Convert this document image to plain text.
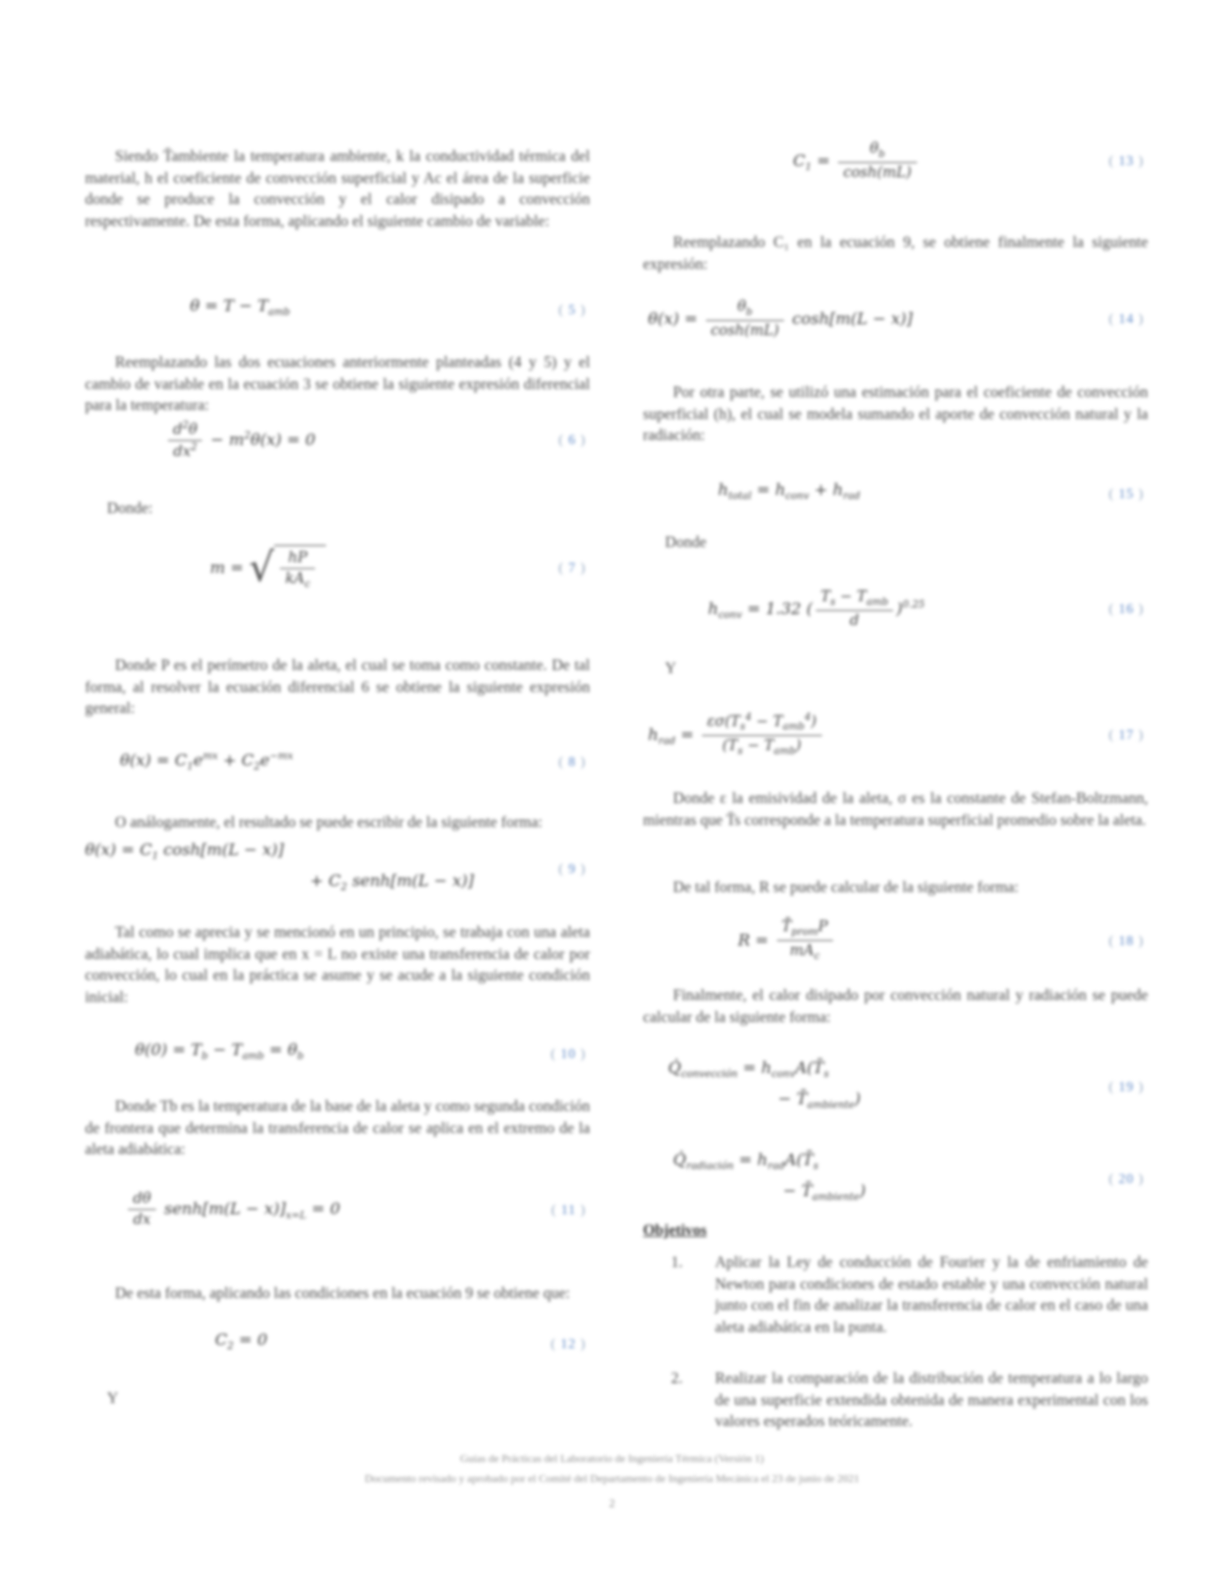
Siendo T̄ambiente la temperatura ambiente, k la conductividad térmica del material, h el coeficiente de convección superficial y Ac el área de la superficie donde se produce la convección y el calor disipado a convección respectivamente. De esta forma, aplicando el siguiente cambio de variable:
$\theta = T - T_{amb}$	( 5 )
Reemplazando las dos ecuaciones anteriormente planteadas (4 y 5) y el cambio de variable en la ecuación 3 se obtiene la siguiente expresión diferencial para la temperatura:
$\frac{d^2\theta}{dx^2} - m^2\theta(x) = 0$	( 6 )
Donde:
m = √ $\frac{hP}{kA_c}$	( 7 )
Donde P es el perímetro de la aleta, el cual se toma como constante. De tal forma, al resolver la ecuación diferencial 6 se obtiene la siguiente expresión general:
$\theta(x) = C_1e^{mx} + C_2e^{-mx}$	( 8 )
O análogamente, el resultado se puede escribir de la siguiente forma:
$\theta(x) = C_1$ cosh[m(L − x)]
+ $C_2$ senh[m(L − x)]
( 9 )
Tal como se aprecia y se mencionó en un principio, se trabaja con una aleta adiabática, lo cual implica que en x = L no existe una transferencia de calor por convección, lo cual en la práctica se asume y se acude a la siguiente condición inicial:
$\theta(0) = T_b - T_{amb} = \theta_b$	( 10 )
Donde Tb es la temperatura de la base de la aleta y como segunda condición de frontera que determina la transferencia de calor se aplica en el extremo de la aleta adiabática:
$\frac{d\theta}{dx}$ senh[m(L − $x)]_{x=L} = 0$	( 11 )
De esta forma, aplicando las condiciones en la ecuación 9 se obtiene que:
$C_2 = 0$	( 12 )
Y
$C_1 = \frac{\theta_b}{\cosh(mL)}$	( 13 )
Reemplazando C₁ en la ecuación 9, se obtiene finalmente la siguiente expresión:
$\theta(x) = \frac{\theta_b}{\cosh(mL)} \cosh[m(L - x)]$	( 14 )
Por otra parte, se utilizó una estimación para el coeficiente de convección superficial (h), el cual se modela sumando el aporte de convección natural y la radiación:
$h_{total} = h_{conv} + h_{rad}$	( 15 )
Donde
$h_{conv} = 1.32$ ( $\frac{T_s - T_{amb}}{d} )^{0.25}$	( 16 )
Y
$h_{rad} = \frac{\varepsilon\sigma(T_s^4 - T_{amb}^4)}{(T_s - T_{amb})}$	( 17 )
Donde ε la emisividad de la aleta, σ es la constante de Stefan-Boltzmann, mientras que T̄s corresponde a la temperatura superficial promedio sobre la aleta.
De tal forma, R se puede calcular de la siguiente forma:
$R = \frac{T̄_{prom}P}{mA_c}$	( 18 )
Finalmente, el calor disipado por convección natural y radiación se puede calcular de la siguiente forma:
$Q̇_{convección}$ = $h_{conv}A(T̄_s$
− $T̄_{ambiente}$)
( 19 )
$Q̇_{radiación}$ = $h_{rad}A(T̄_s$
− $T̄_{ambiente}$)
( 20 )
Objetivos
1. Aplicar la Ley de conducción de Fourier y la de enfriamiento de Newton para condiciones de estado estable y una convección natural junto con el fin de analizar la transferencia de calor en el caso de una aleta adiabática en la punta.
2. Realizar la comparación de la distribución de temperatura a lo largo de una superficie extendida obtenida de manera experimental con los valores esperados teóricamente.
Guías de Prácticas del Laboratorio de Ingeniería Térmica (Versión 1)
Documento revisado y aprobado por el Comité del Departamento de Ingeniería Mecánica el 23 de junio de 2021
2
